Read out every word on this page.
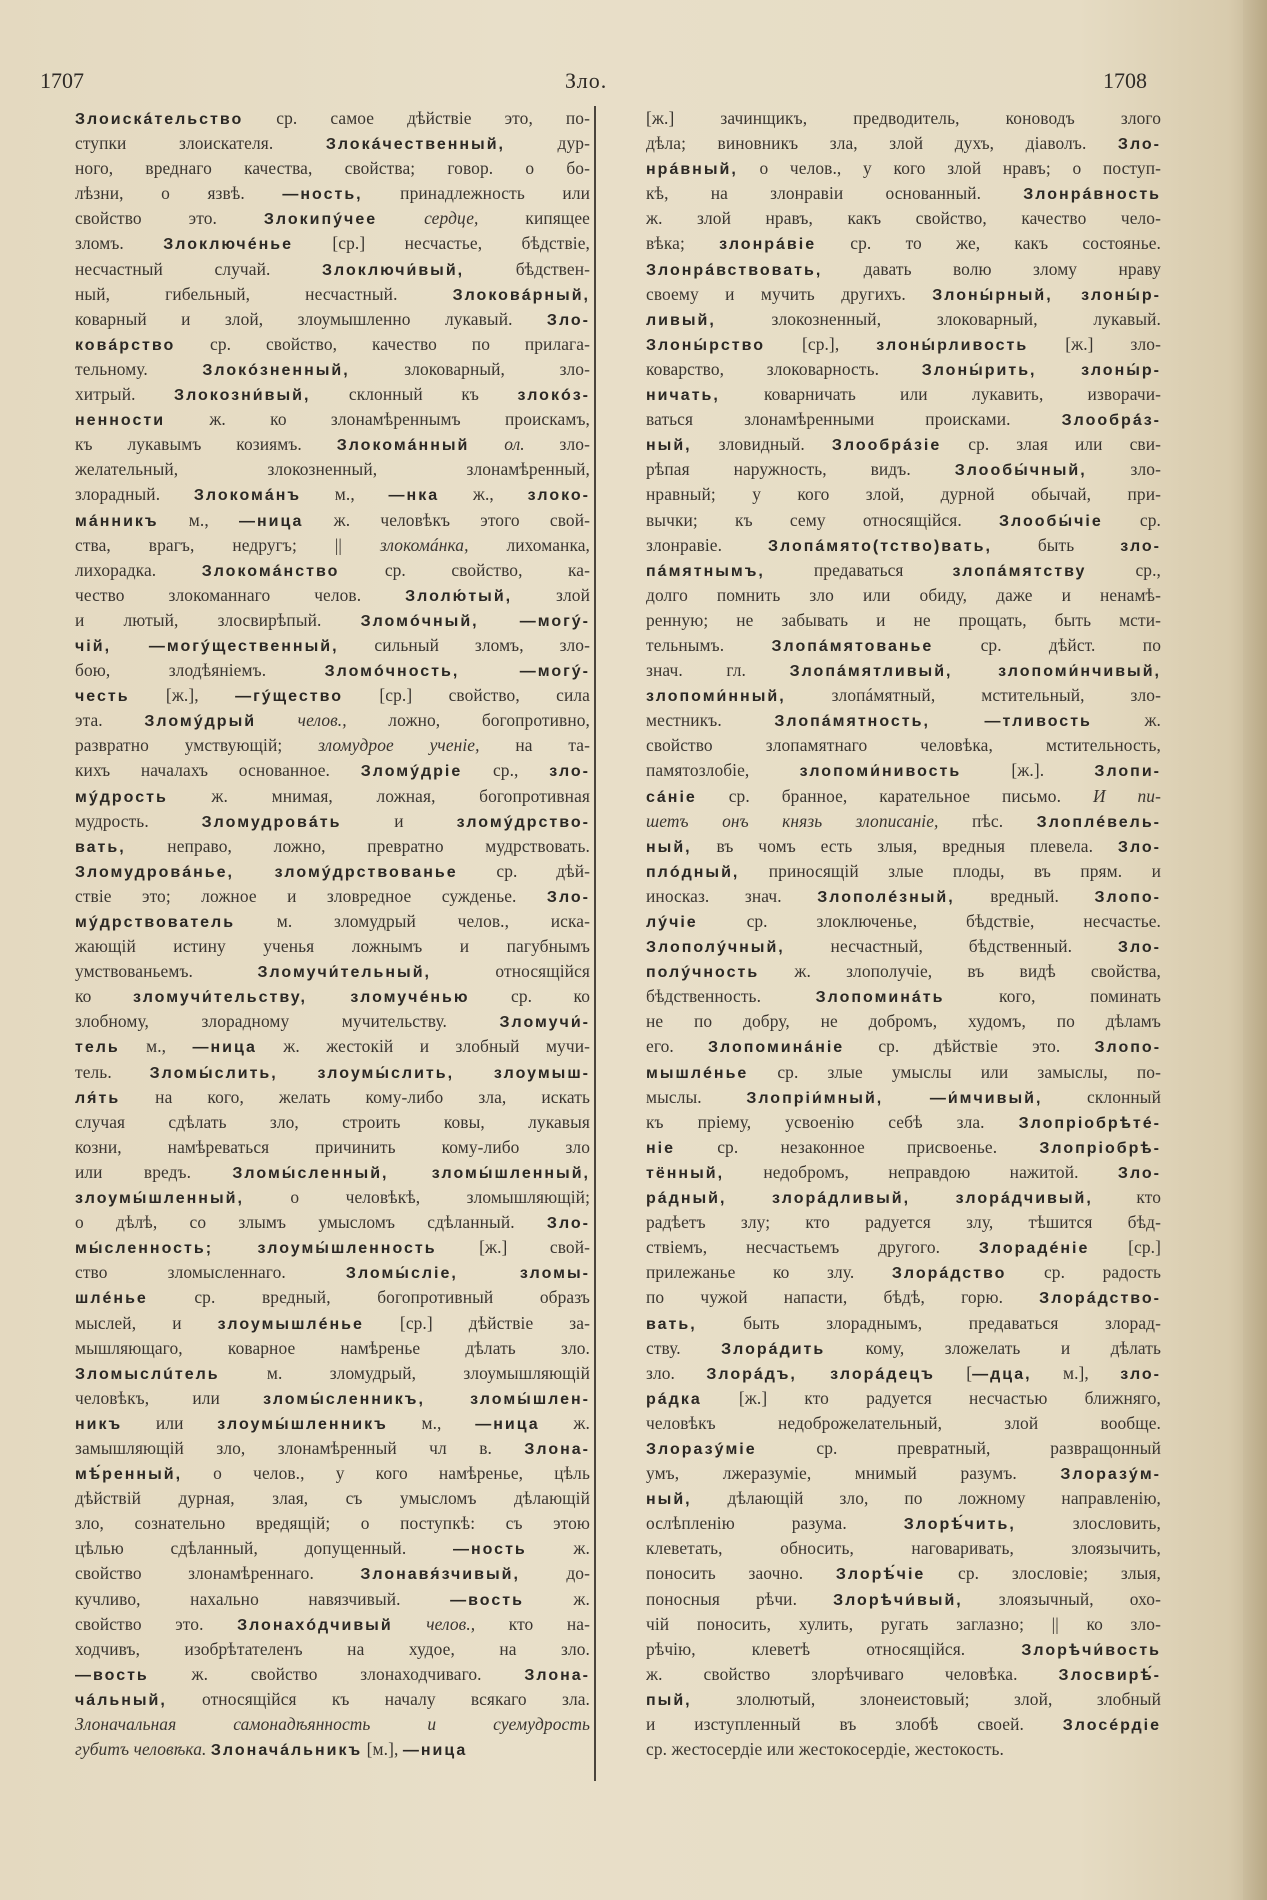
1707	Зло.	1708
Злоискáтельство ср. самое дѣйствіе это, по-
ступки злоискателя. Злокáчественный, дур-
ного, вреднаго качества, свойства; говор. о бо-
лѣзни, о язвѣ. —ность, принадлежность или
свойство это. Злокипýчее	сердце, кипящее
зломъ. Злоключéнье [ср.] несчастье, бѣдствіе,
несчастный случай. Злоключи́вый, бѣдствен-
ный, гибельный, несчастный. Злоковáрный,
коварный и злой, злоумышленно лукавый. Зло-
ковáрство ср. свойство, качество по прилага-
тельному. Злокóзненный, злоковарный, зло-
хитрый. Злокозни́вый, склонный къ злокóз-
ненности ж. ко злонамѣреннымъ проискамъ,
къ лукавымъ козиямъ. Злокомáнный ол. зло-
желательный, злокозненный, злонамѣренный,
злорадный. Злокомáнъ м., —нка ж., злоко-
мáнникъ м., —ница ж. человѣкъ этого свой-
ства, врагъ, недругъ; || злокомáнка, лихоманка,
лихорадка. Злокомáнство ср. свойство, ка-
чество злокоманнаго челов. Злолю́тый, злой
и лютый, злосвирѣпый. Зломóчный, —могý-
чій, —могýщественный, сильный зломъ, зло-
бою, злодѣяніемъ. Зломóчность, —могý-
честь [ж.], —гýщество [ср.] свойство, сила
эта. Зломýдрый челов., ложно, богопротивно,
развратно умствующій; зломудрое ученіе, на та-
кихъ началахъ основанное. Зломýдріе ср., зло-
мýдрость ж. мнимая, ложная, богопротивная
мудрость. Зломудровáть и зломýдрство-
вать, неправо, ложно, превратно мудрствовать.
Зломудровáнье, зломýдрствованье ср. дѣй-
ствіе это; ложное и зловредное сужденье. Зло-
мýдрствователь м. зломудрый челов., иска-
жающій истину ученья ложнымъ и пагубнымъ
умствованьемъ. Зломучи́тельный, относящійся
ко зломучи́тельству, зломучéнью ср. ко
злобному, злорадному мучительству. Зломучи́-
тель м., —ница ж. жестокій и злобный мучи-
тель. Зломы́слить, злоумы́слить, злоумыш-
ля́ть на кого, желать кому-либо зла, искать
случая сдѣлать зло, строить ковы, лукавыя
козни, намѣреваться причинить кому-либо зло
или вредъ. Зломы́сленный, зломы́шленный,
злоумы́шленный, о человѣкѣ, зломышляющій;
о дѣлѣ, со злымъ умысломъ сдѣланный. Зло-
мы́сленность; злоумы́шленность [ж.] свой-
ство зломысленнаго. Зломы́сліе, зломы-
шлéнье ср. вредный, богопротивный образъ
мыслей, и злоумышлéнье [ср.] дѣйствіе за-
мышляющаго, коварное намѣренье дѣлать зло.
Зломыслúтель м. зломудрый, злоумышляющій
человѣкъ, или зломы́сленникъ, зломы́шлен-
никъ или злоумы́шленникъ м., —ница ж.
замышляющій зло, злонамѣренный чл в. Злона-
мѣ́ренный, о челов., у кого намѣренье, цѣль
дѣйствій дурная, злая, съ умысломъ дѣлающій
зло, сознательно вредящій; о поступкѣ: съ этою
цѣлью сдѣланный, допущенный. —ность ж.
свойство злонамѣреннаго. Злонавя́зчивый, до-
кучливо, нахально навязчивый. —вость ж.
свойство это. Злонахóдчивый челов., кто на-
ходчивъ, изобрѣтателенъ на худое, на зло.
—вость ж. свойство злонаходчиваго. Злона-
чáльный, относящійся къ началу всякаго зла.
Злоначальная самонадѣянность и суемудрость
губитъ человѣка. Злоначáльникъ [м.], —ница
[ж.] зачинщикъ, предводитель, коноводъ злого
дѣла; виновникъ зла, злой духъ, діаволъ. Зло-
нрáвный, о челов., у кого злой нравъ; о поступ-
кѣ, на злонравіи основанный. Злонрáвность
ж. злой нравъ, какъ свойство, качество чело-
вѣка; злонрáвіе ср. то же, какъ состоянье.
Злонрáвствовать, давать волю злому нраву
своему и мучить другихъ. Злоны́рный, злоны́р-
ливый, злокозненный, злоковарный, лукавый.
Злоны́рство [ср.], злоны́рливость [ж.] зло-
коварство, злоковарность. Злоны́рить, злоны́р-
ничать, коварничать или лукавить, изворачи-
ваться злонамѣренными происками. Злообрá́з-
ный, зловидный. Злообрáзіе ср. злая или сви-
рѣпая наружность, видъ. Злообы́чный, зло-
нравный; у кого злой, дурной обычай, при-
вычки; къ сему относящійся. Злообы́чіе ср.
злонравіе. Злопáмято(тство)вать, быть зло-
пáмятнымъ, предаваться злопáмятству ср.,
долго помнить зло или обиду, даже и ненамѣ-
ренную; не забывать и не прощать, быть мсти-
тельнымъ. Злопáмятованье ср. дѣйст. по
знач. гл. Злопáмятливый, злопоми́нчивый,
злопоми́нный, злопáмятный, мстительный, зло-
местникъ. Злопáмятность, —тливость ж.
свойство злопамятнаго человѣка, мстительность,
памятозлобіе, злопоми́нивость [ж.]. Злопи-
сáніе ср. бранное, карательное письмо. И пи-
шетъ онъ князь злописаніе, пѣс. Злоплéвель-
ный, въ чомъ есть злыя, вредныя плевела. Зло-
плóдный, приносящій злые плоды, въ прям. и
иносказ. знач. Злополéзный, вредный. Злопо-
лýчіе ср. злоключенье, бѣдствіе, несчастье.
Злополýчный, несчастный, бѣдственный. Зло-
полýчность ж. злополучіе, въ видѣ свойства,
бѣдственность. Злопоминáть кого, поминать
не по добру, не добромъ, худомъ, по дѣламъ
его. Злопоминáніе ср. дѣйствіе это. Злопо-
мышлéнье ср. злые умыслы или замыслы, по-
мыслы. Злопріи́мный, —и́мчивый, склонный
къ пріему, усвоенію себѣ зла. Злопріобрѣтé-
ніе ср. незаконное присвоенье. Злопріобрѣ-
тённый, недобромъ, неправдою нажитой. Зло-
рáдный, злорáдливый, злорáдчивый, кто
радѣетъ злу; кто радуется злу, тѣшится бѣд-
ствіемъ, несчастьемъ другого. Злорадéніе [ср.]
прилежанье ко злу. Злорáдство ср. радость
по чужой напасти, бѣдѣ, горю. Злорáдство-
вать, быть злораднымъ, предаваться злорад-
ству. Злорáдить кому, зложелать и дѣлать
зло. Злорáдъ, злорáдецъ [—дца, м.], зло-
рáдка [ж.] кто радуется несчастью ближняго,
человѣкъ недоброжелательный, злой вообще.
Злоразýміе ср. превратный, развращонный
умъ, лжеразуміе, мнимый разумъ. Злоразýм-
ный, дѣлающій зло, по ложному направленію,
ослѣпленію разума. Злорѣ́чить, злословить,
клеветать, обносить, наговаривать, злоязычить,
поносить заочно. Злорѣ́чіе ср. злословіе; злыя,
поносныя рѣчи. Злорѣчи́вый, злоязычный, охо-
чій поносить, хулить, ругать заглазно; || ко зло-
рѣчію, клеветѣ относящійся. Злорѣчи́вость
ж. свойство злорѣчиваго человѣка. Злосвирѣ́-
пый, злолютый, злонеистовый; злой, злобный
и изступленный въ злобѣ своей. Злосéрдіе
ср. жестосердіе или жестокосердіе, жестокость.
